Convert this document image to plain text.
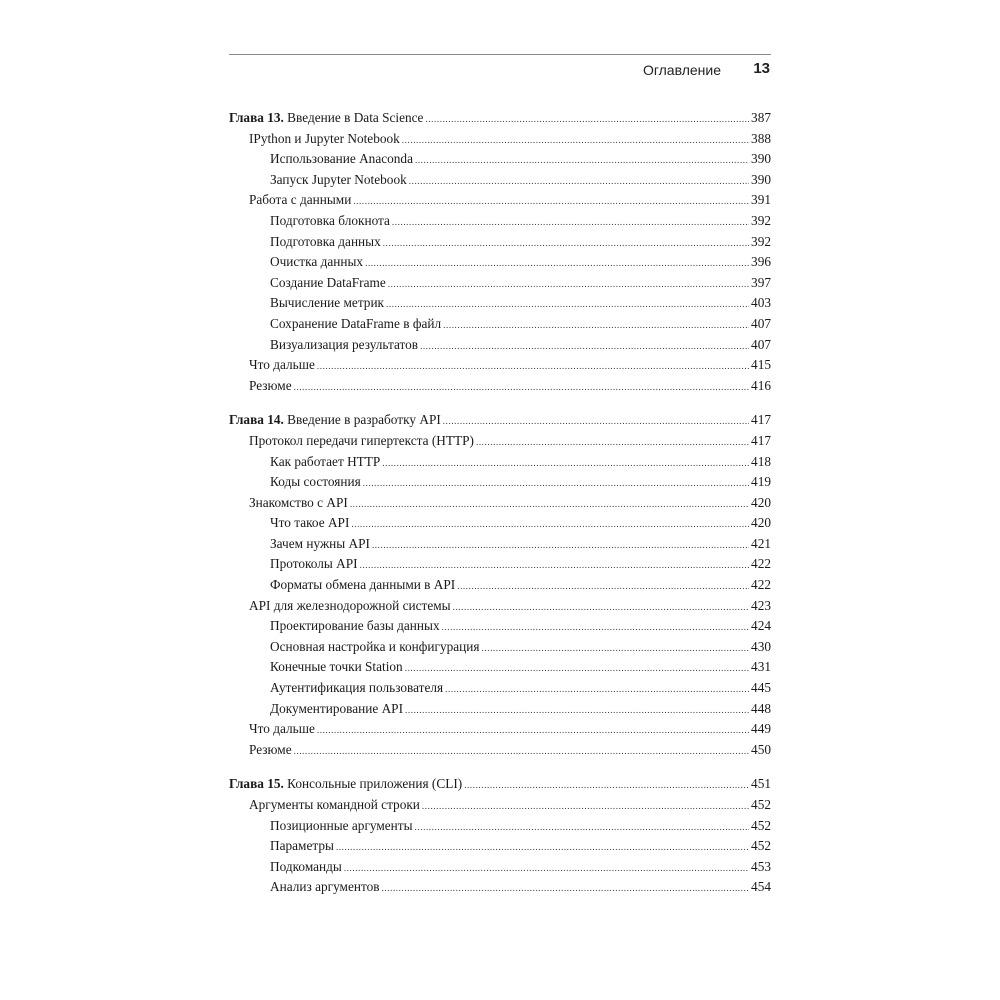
Оглавление 13
Глава 13. Введение в Data Science .....	387
IPython и Jupyter Notebook .....	388
Использование Anaconda .....	390
Запуск Jupyter Notebook .....	390
Работа с данными .....	391
Подготовка блокнота .....	392
Подготовка данных .....	392
Очистка данных .....	396
Создание DataFrame .....	397
Вычисление метрик .....	403
Сохранение DataFrame в файл .....	407
Визуализация результатов .....	407
Что дальше .....	415
Резюме .....	416
Глава 14. Введение в разработку API .....	417
Протокол передачи гипертекста (HTTP) .....	417
Как работает HTTP .....	418
Коды состояния .....	419
Знакомство с API .....	420
Что такое API .....	420
Зачем нужны API .....	421
Протоколы API .....	422
Форматы обмена данными в API .....	422
API для железнодорожной системы .....	423
Проектирование базы данных .....	424
Основная настройка и конфигурация .....	430
Конечные точки Station .....	431
Аутентификация пользователя .....	445
Документирование API .....	448
Что дальше .....	449
Резюме .....	450
Глава 15. Консольные приложения (CLI) .....	451
Аргументы командной строки .....	452
Позиционные аргументы .....	452
Параметры .....	452
Подкоманды .....	453
Анализ аргументов .....	454
